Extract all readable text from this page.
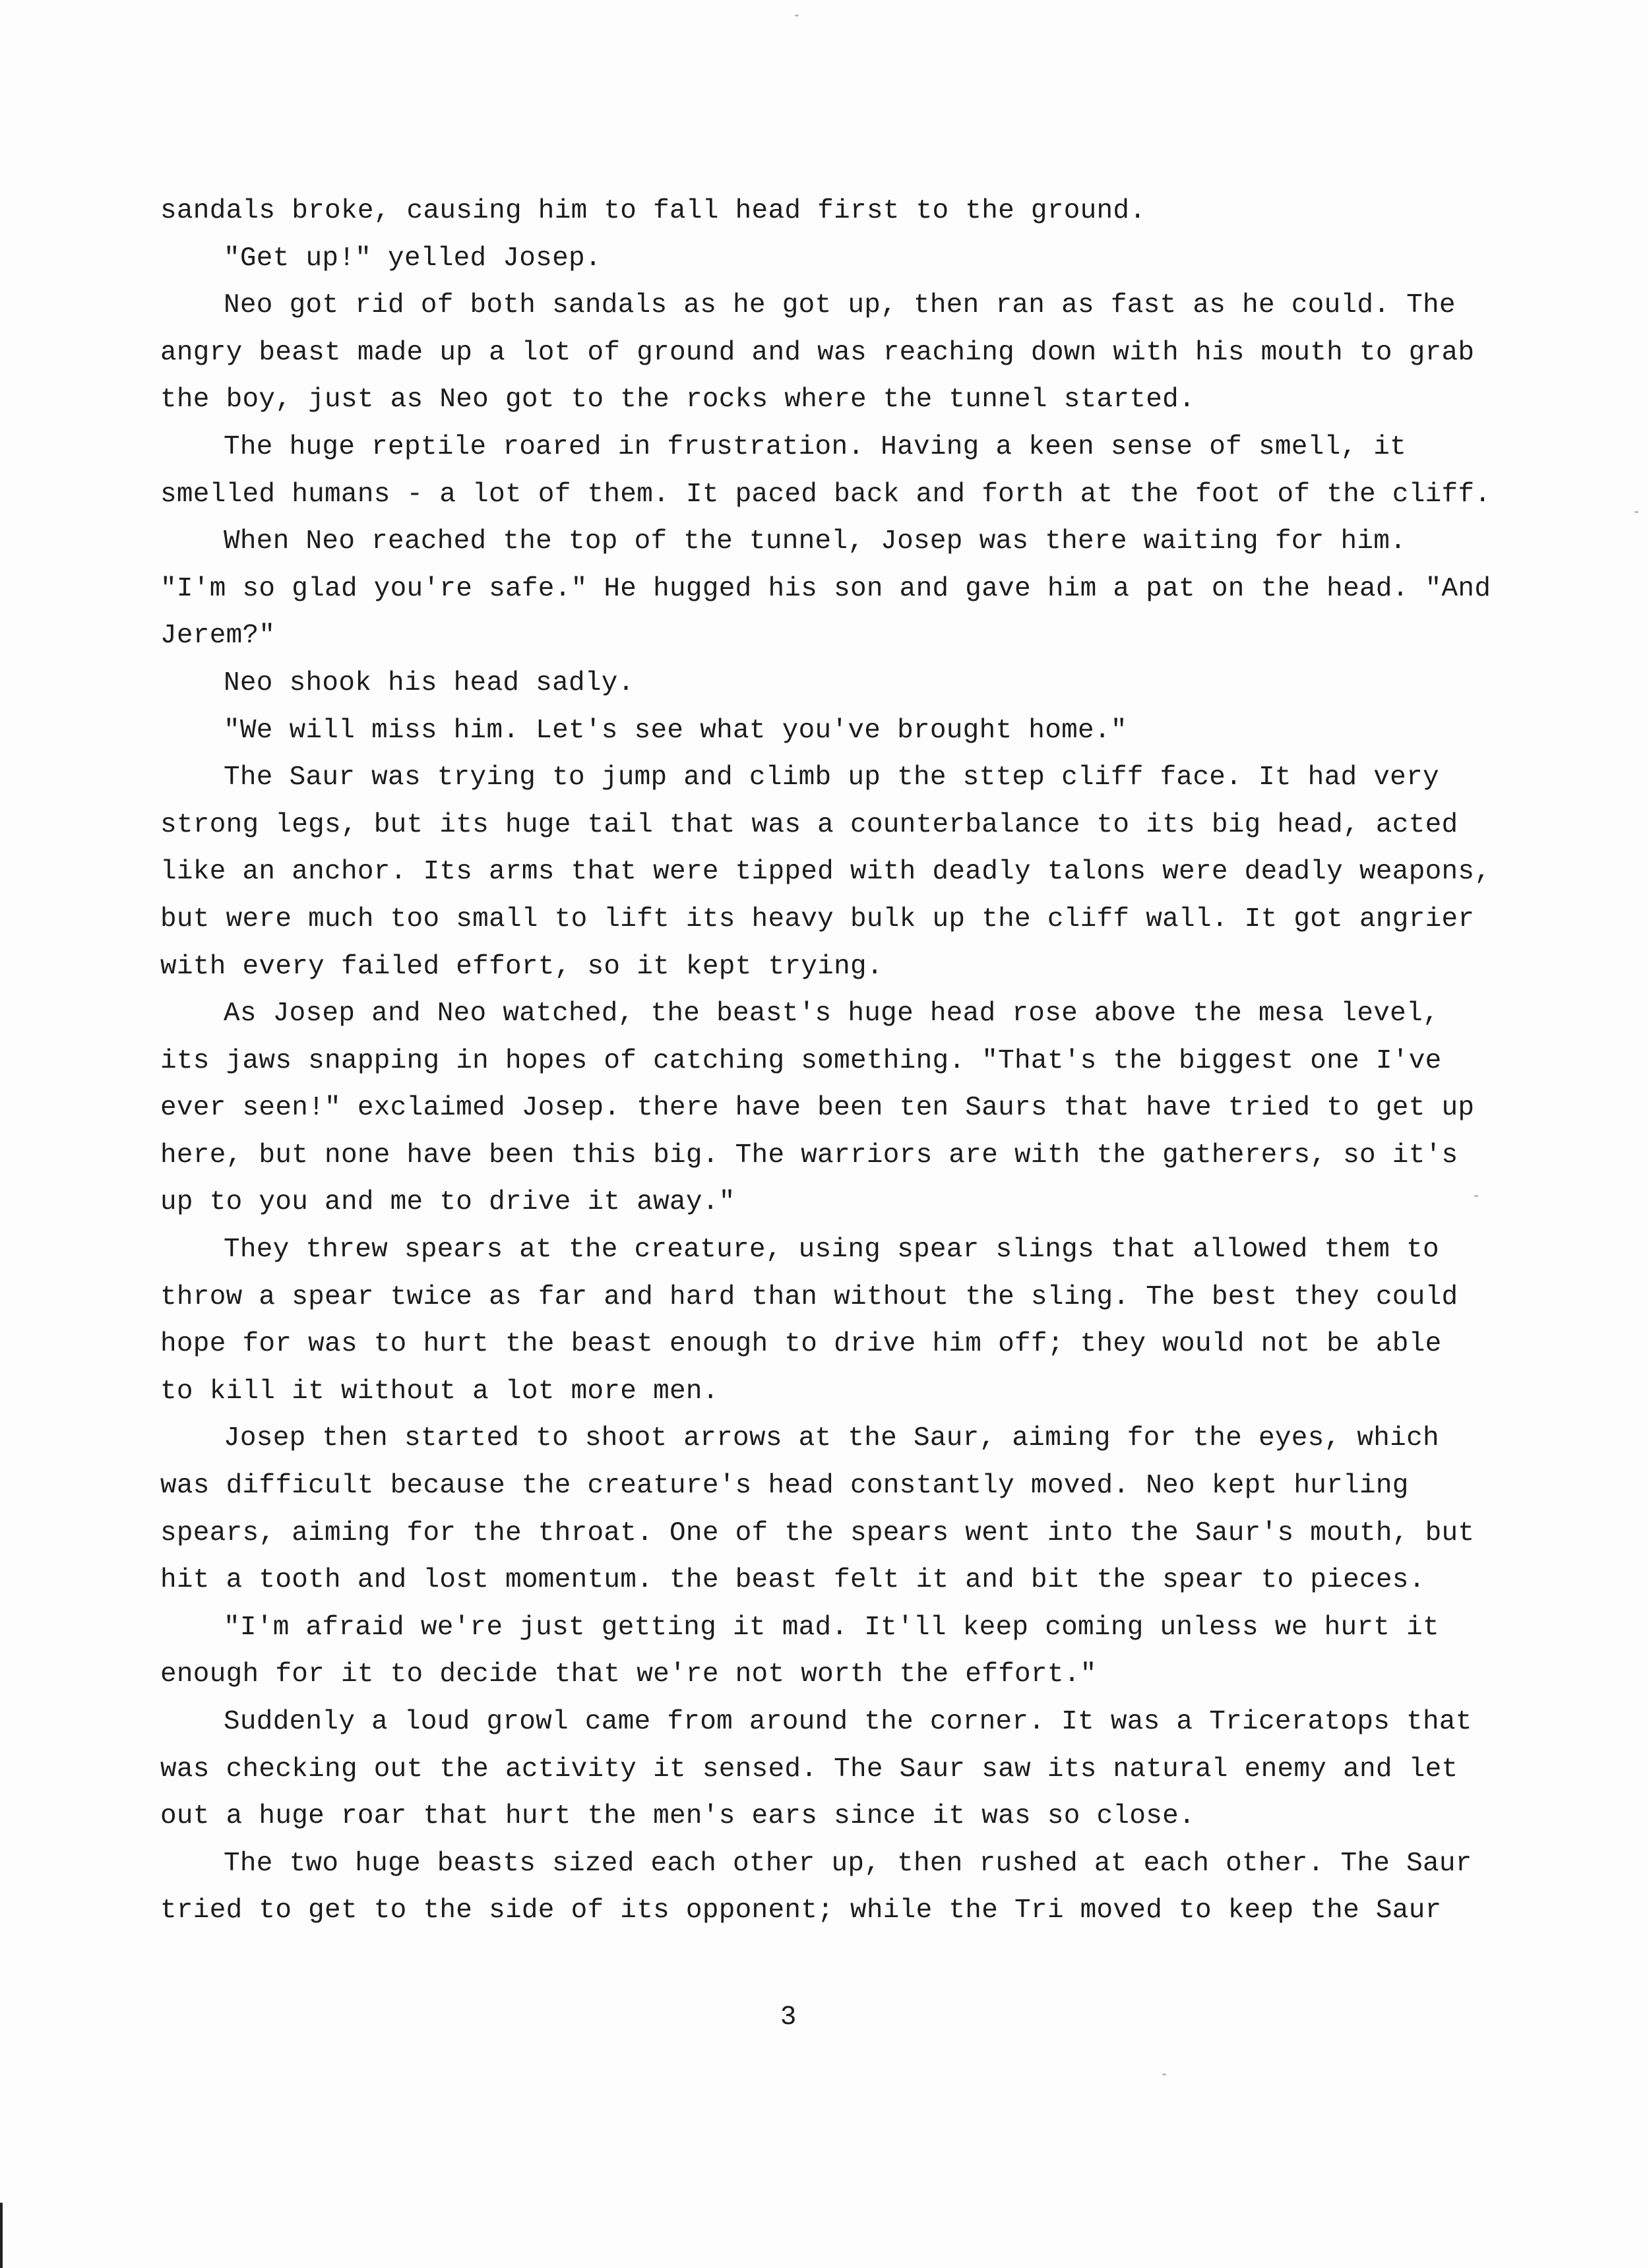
sandals broke, causing him to fall head first to the ground.
"Get up!" yelled Josep.
Neo got rid of both sandals as he got up, then ran as fast as he could. The
angry beast made up a lot of ground and was reaching down with his mouth to grab
the boy, just as Neo got to the rocks where the tunnel started.
The huge reptile roared in frustration. Having a keen sense of smell, it
smelled humans - a lot of them. It paced back and forth at the foot of the cliff.
When Neo reached the top of the tunnel, Josep was there waiting for him.
"I'm so glad you're safe." He hugged his son and gave him a pat on the head. "And
Jerem?"
Neo shook his head sadly.
"We will miss him. Let's see what you've brought home."
The Saur was trying to jump and climb up the sttep cliff face. It had very
strong legs, but its huge tail that was a counterbalance to its big head, acted
like an anchor. Its arms that were tipped with deadly talons were deadly weapons,
but were much too small to lift its heavy bulk up the cliff wall. It got angrier
with every failed effort, so it kept trying.
As Josep and Neo watched, the beast's huge head rose above the mesa level,
its jaws snapping in hopes of catching something. "That's the biggest one I've
ever seen!" exclaimed Josep. there have been ten Saurs that have tried to get up
here, but none have been this big. The warriors are with the gatherers, so it's
up to you and me to drive it away."
They threw spears at the creature, using spear slings that allowed them to
throw a spear twice as far and hard than without the sling. The best they could
hope for was to hurt the beast enough to drive him off; they would not be able
to kill it without a lot more men.
Josep then started to shoot arrows at the Saur, aiming for the eyes, which
was difficult because the creature's head constantly moved. Neo kept hurling
spears, aiming for the throat. One of the spears went into the Saur's mouth, but
hit a tooth and lost momentum. the beast felt it and bit the spear to pieces.
"I'm afraid we're just getting it mad. It'll keep coming unless we hurt it
enough for it to decide that we're not worth the effort."
Suddenly a loud growl came from around the corner. It was a Triceratops that
was checking out the activity it sensed. The Saur saw its natural enemy and let
out a huge roar that hurt the men's ears since it was so close.
The two huge beasts sized each other up, then rushed at each other. The Saur
tried to get to the side of its opponent; while the Tri moved to keep the Saur
3
